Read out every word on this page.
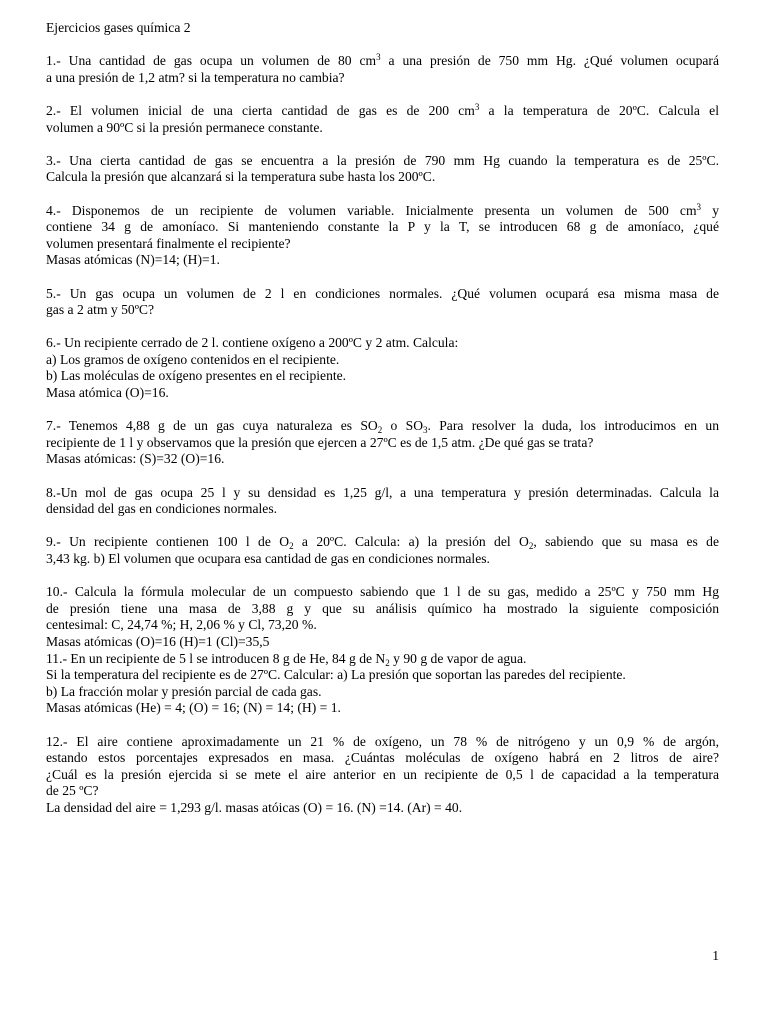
Ejercicios gases química 2
1.- Una cantidad de gas ocupa un volumen de 80 $cm^3$ a una presión de 750 mm Hg. ¿Qué volumen ocupará
a una presión de 1,2 atm? si la temperatura no cambia?
2.- El volumen inicial de una cierta cantidad de gas es de 200 $cm^3$ a la temperatura de 20ºC. Calcula el
volumen a 90ºC si la presión permanece constante.
3.- Una cierta cantidad de gas se encuentra a la presión de 790 mm Hg cuando la temperatura es de 25ºC.
Calcula la presión que alcanzará si la temperatura sube hasta los 200ºC.
4.- Disponemos de un recipiente de volumen variable. Inicialmente presenta un volumen de 500 $cm^3$ y
contiene 34 g de amoníaco. Si manteniendo constante la P y la T, se introducen 68 g de amoníaco, ¿qué
volumen presentará finalmente el recipiente?
Masas atómicas (N)=14; (H)=1.
5.- Un gas ocupa un volumen de 2 l en condiciones normales. ¿Qué volumen ocupará esa misma masa de
gas a 2 atm y 50ºC?
6.- Un recipiente cerrado de 2 l. contiene oxígeno a 200ºC y 2 atm. Calcula:
a) Los gramos de oxígeno contenidos en el recipiente.
b) Las moléculas de oxígeno presentes en el recipiente.
Masa atómica (O)=16.
7.- Tenemos 4,88 g de un gas cuya naturaleza es $SO_2$ o $SO_3$. Para resolver la duda, los introducimos en un
recipiente de 1 l y observamos que la presión que ejercen a 27ºC es de 1,5 atm. ¿De qué gas se trata?
Masas atómicas: (S)=32 (O)=16.
8.-Un mol de gas ocupa 25 l y su densidad es 1,25 g/l, a una temperatura y presión determinadas. Calcula la
densidad del gas en condiciones normales.
9.- Un recipiente contienen 100 l de $O_2$ a 20ºC. Calcula: a) la presión del $O_2$, sabiendo que su masa es de
3,43 kg. b) El volumen que ocupara esa cantidad de gas en condiciones normales.
10.- Calcula la fórmula molecular de un compuesto sabiendo que 1 l de su gas, medido a 25ºC y 750 mm Hg
de presión tiene una masa de 3,88 g y que su análisis químico ha mostrado la siguiente composición
centesimal: C, 24,74 %; H, 2,06 % y Cl, 73,20 %.
Masas atómicas (O)=16 (H)=1 (Cl)=35,5
11.- En un recipiente de 5 l se introducen 8 g de He, 84 g de $N_2$ y 90 g de vapor de agua.
Si la temperatura del recipiente es de 27ºC. Calcular: a) La presión que soportan las paredes del recipiente.
b) La fracción molar y presión parcial de cada gas.
Masas atómicas (He) = 4; (O) = 16; (N) = 14; (H) = 1.
12.- El aire contiene aproximadamente un 21 % de oxígeno, un 78 % de nitrógeno y un 0,9 % de argón,
estando estos porcentajes expresados en masa. ¿Cuántas moléculas de oxígeno habrá en 2 litros de aire?
¿Cuál es la presión ejercida si se mete el aire anterior en un recipiente de 0,5 l de capacidad a la temperatura
de 25 ºC?
La densidad del aire = 1,293 g/l. masas atóicas (O) = 16. (N) =14. (Ar) = 40.
1
